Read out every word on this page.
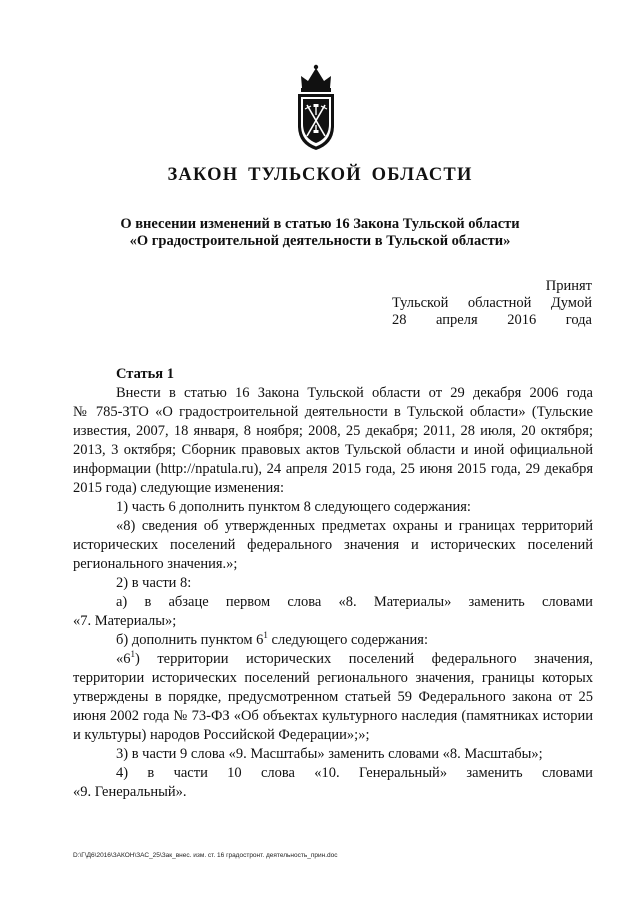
ЗАКОН ТУЛЬСКОЙ ОБЛАСТИ
О внесении изменений в статью 16 Закона Тульской области
«О градостроительной деятельности в Тульской области»
Принят
Тульской областной Думой
28 апреля 2016 года

Статья 1

Внести в статью 16 Закона Тульской области от 29 декабря 2006 года

№ 785-ЗТО «О градостроительной деятельности в Тульской области» (Тульские известия, 2007, 18 января, 8 ноября; 2008, 25 декабря; 2011, 28 июля, 20 октября; 2013, 3 октября; Сборник правовых актов Тульской области и иной официальной информации (http://npatula.ru), 24 апреля 2015 года, 25 июня 2015 года, 29 декабря 2015 года) следующие изменения:

1) часть 6 дополнить пунктом 8 следующего содержания:

«8) сведения об утвержденных предметах охраны и границах территорий исторических поселений федерального значения и исторических поселений регионального значения.»;

2) в части 8:

а) в абзаце первом слова «8. Материалы» заменить словами

«7. Материалы»;

б) дополнить пунктом $6^1$ следующего содержания:

«$6^1$) территории исторических поселений федерального значения, территории исторических поселений регионального значения, границы которых утверждены в порядке, предусмотренном статьей 59 Федерального закона от 25 июня 2002 года № 73-ФЗ «Об объектах культурного наследия (памятниках истории и культуры) народов Российской Федерации»;»;

3) в части 9 слова «9. Масштабы» заменить словами «8. Масштабы»;

4) в части 10 слова «10. Генеральный» заменить словами

«9. Генеральный».

D:\Г\Д6\2016\ЗАКОН\ЗАС_25\Зак_внес. изм. ст. 16 градостронт. деятельность_прин.doc
